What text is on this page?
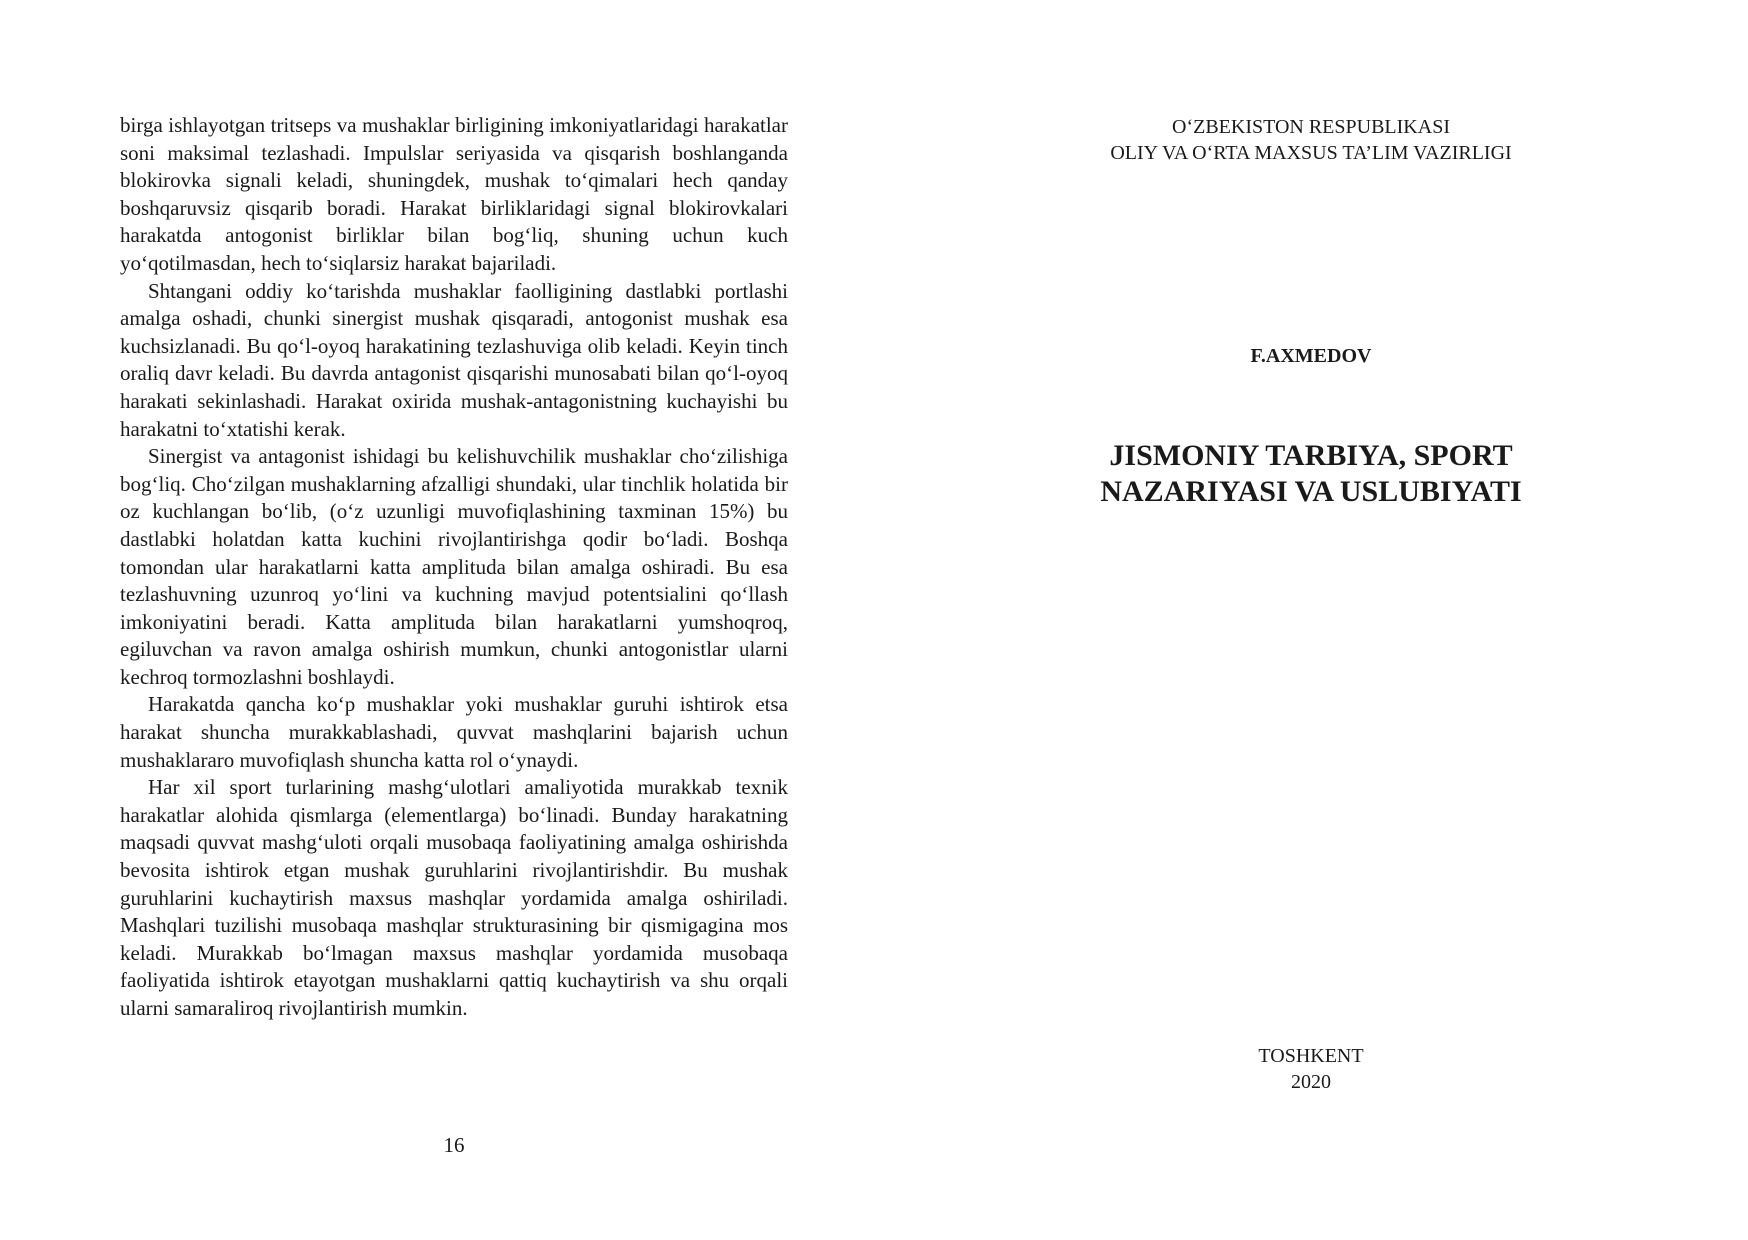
birga ishlayotgan tritseps va mushaklar birligining imkoniyatlaridagi harakatlar soni maksimal tezlashadi. Impulslar seriyasida va qisqarish boshlanganda blokirovka signali keladi, shuningdek, mushak to‘qimalari hech qanday boshqaruvsiz qisqarib boradi. Harakat birliklaridagi signal blokirovkalari harakatda antogonist birliklar bilan bog‘liq, shuning uchun kuch yo‘qotilmasdan, hech to‘siqlarsiz harakat bajariladi.

Shtangani oddiy ko‘tarishda mushaklar faolligining dastlabki portlashi amalga oshadi, chunki sinergist mushak qisqaradi, antogonist mushak esa kuchsizlanadi. Bu qo‘l-oyoq harakatining tezlashuviga olib keladi. Keyin tinch oraliq davr keladi. Bu davrda antagonist qisqarishi munosabati bilan qo‘l-oyoq harakati sekinlashadi. Harakat oxirida mushak-antagonistning kuchayishi bu harakatni to‘xtatishi kerak.

Sinergist va antagonist ishidagi bu kelishuvchilik mushaklar cho‘zilishiga bog‘liq. Cho‘zilgan mushaklarning afzalligi shundaki, ular tinchlik holatida bir oz kuchlangan bo‘lib, (o‘z uzunligi muvofiqlashining taxminan 15%) bu dastlabki holatdan katta kuchini rivojlantirishga qodir bo‘ladi. Boshqa tomondan ular harakatlarni katta amplituda bilan amalga oshiradi. Bu esa tezlashuvning uzunroq yo‘lini va kuchning mavjud potentsialini qo‘llash imkoniyatini beradi. Katta amplituda bilan harakatlarni yumshoqroq, egiluvchan va ravon amalga oshirish mumkun, chunki antogonistlar ularni kechroq tormozlashni boshlaydi.

Harakatda qancha ko‘p mushaklar yoki mushaklar guruhi ishtirok etsa harakat shuncha murakkablashadi, quvvat mashqlarini bajarish uchun mushaklararo muvofiqlash shuncha katta rol o‘ynaydi.

Har xil sport turlarining mashg‘ulotlari amaliyotida murakkab texnik harakatlar alohida qismlarga (elementlarga) bo‘linadi. Bunday harakatning maqsadi quvvat mashg‘uloti orqali musobaqa faoliyatining amalga oshirishda bevosita ishtirok etgan mushak guruhlarini rivojlantirishdir. Bu mushak guruhlarini kuchaytirish maxsus mashqlar yordamida amalga oshiriladi. Mashqlari tuzilishi musobaqa mashqlar strukturasining bir qismigagina mos keladi. Murakkab bo‘lmagan maxsus mashqlar yordamida musobaqa faoliyatida ishtirok etayotgan mushaklarni qattiq kuchaytirish va shu orqali ularni samaraliroq rivojlantirish mumkin.

16
O‘ZBEKISTON RESPUBLIKASI
OLIY VA O‘RTA MAXSUS TA’LIM VAZIRLIGI
F.AXMEDOV
JISMONIY TARBIYA, SPORT
NAZARIYASI VA USLUBIYATI
TOSHKENT
2020
